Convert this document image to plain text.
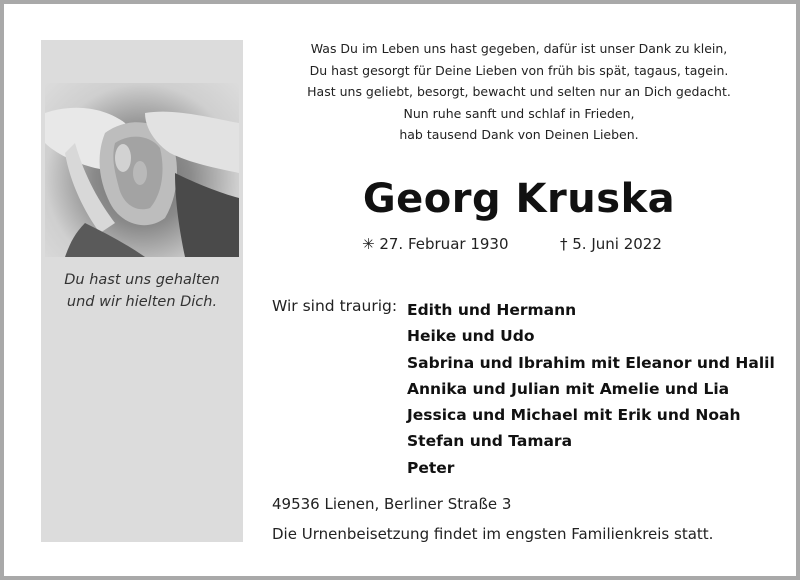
Du hast uns gehalten
und wir hielten Dich.
Was Du im Leben uns hast gegeben, dafür ist unser Dank zu klein,
Du hast gesorgt für Deine Lieben von früh bis spät, tagaus, tagein.
Hast uns geliebt, besorgt, bewacht und selten nur an Dich gedacht.
Nun ruhe sanft und schlaf in Frieden,
hab tausend Dank von Deinen Lieben.
Georg Kruska
✳ 27. Februar 1930	† 5. Juni 2022
Wir sind traurig: Edith und Hermann
Heike und Udo
Sabrina und Ibrahim mit Eleanor und Halil
Annika und Julian mit Amelie und Lia
Jessica und Michael mit Erik und Noah
Stefan und Tamara
Peter
49536 Lienen, Berliner Straße 3
Die Urnenbeisetzung findet im engsten Familienkreis statt.
